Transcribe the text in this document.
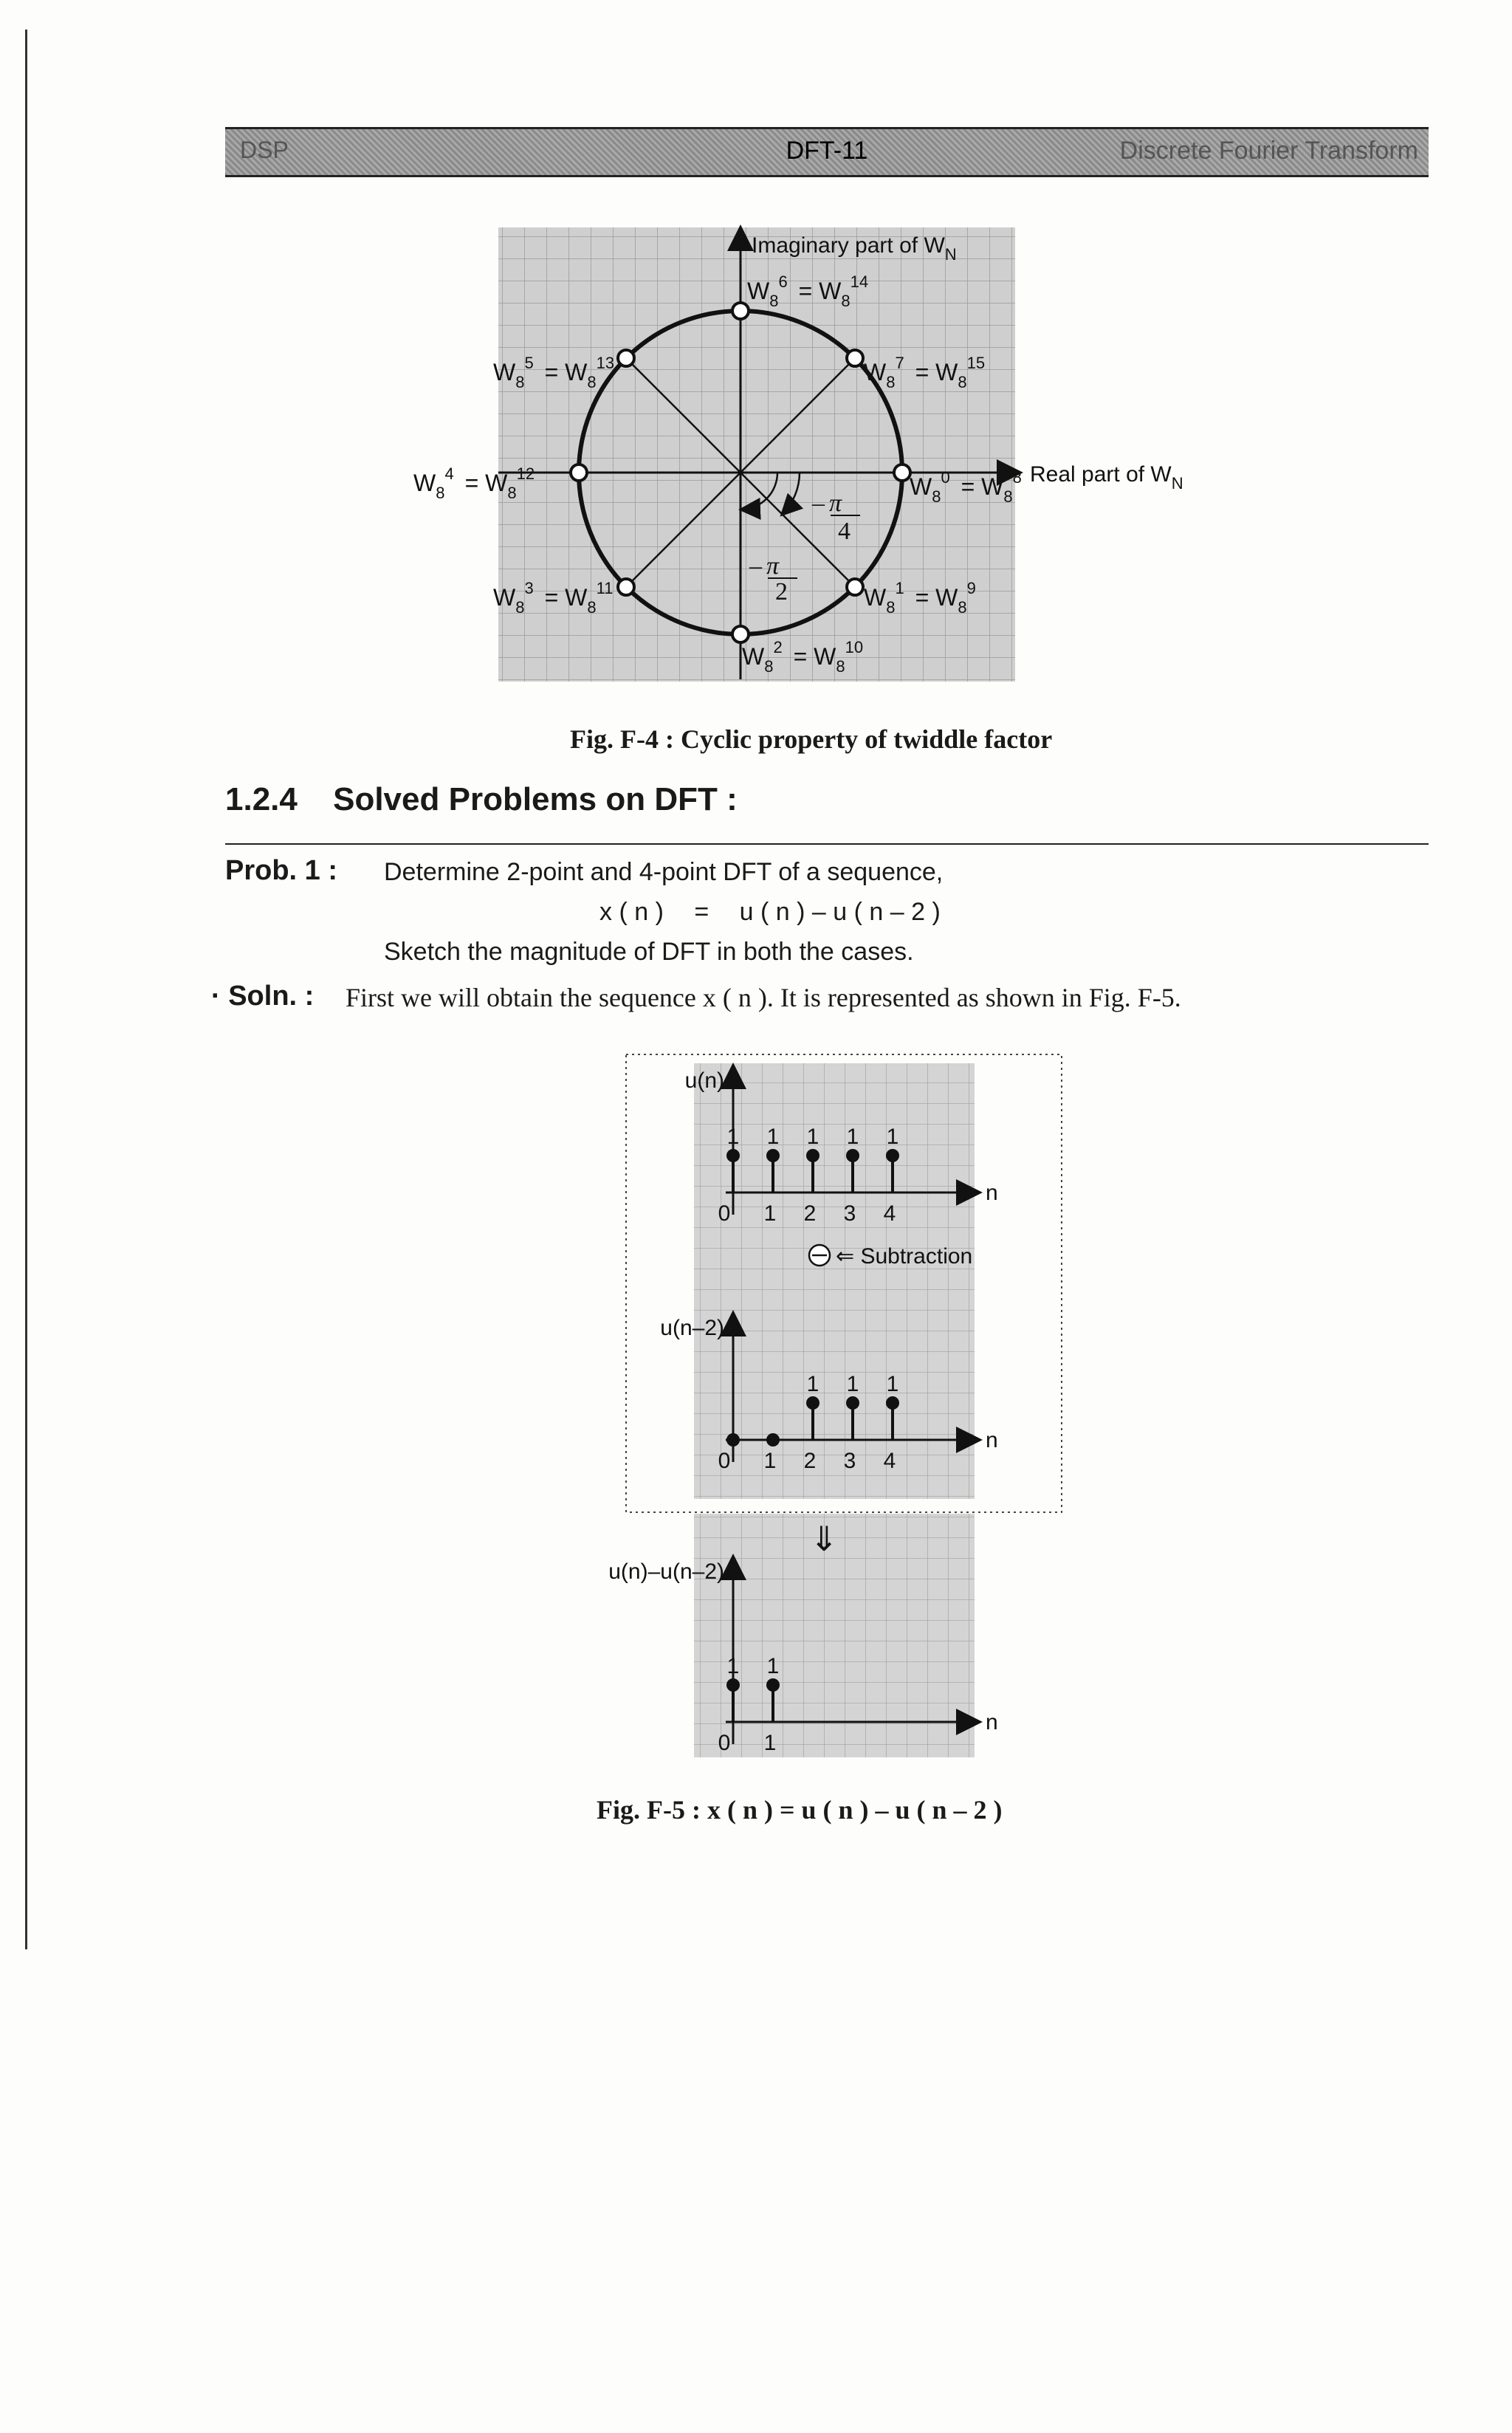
DSP	DFT-11	Discrete Fourier Transform
Imaginary part of $W_N$
Real part of $W_N$
$W_8^0 = W_8^8$
$W_8^1 = W_8^9$
$W_8^2 = W_8^{10}$
$W_8^3 = W_8^{11}$
$W_8^4 = W_8^{12}$
$W_8^5 = W_8^{13}$
$W_8^6 = W_8^{14}$
$W_8^7 = W_8^{15}$
– π
4
– π
2
Fig. F-4 : Cyclic property of twiddle factor
1.2.4 Solved Problems on DFT :
Prob. 1 : Determine 2-point and 4-point DFT of a sequence,
x ( n ) = u ( n ) – u ( n – 2 )
Sketch the magnitude of DFT in both the cases.
· Soln. : First we will obtain the sequence x ( n ). It is represented as shown in Fig. F-5.
u(n)
n
0 1 2 3 4
1 1 1 1 1
u(n–2)
n
0 1 2 3 4
1 1 1
u(n)–u(n–2)
n
0 1
1 1
⇐ Subtraction
⇓
Fig. F-5 : x ( n ) = u ( n ) – u ( n – 2 )
